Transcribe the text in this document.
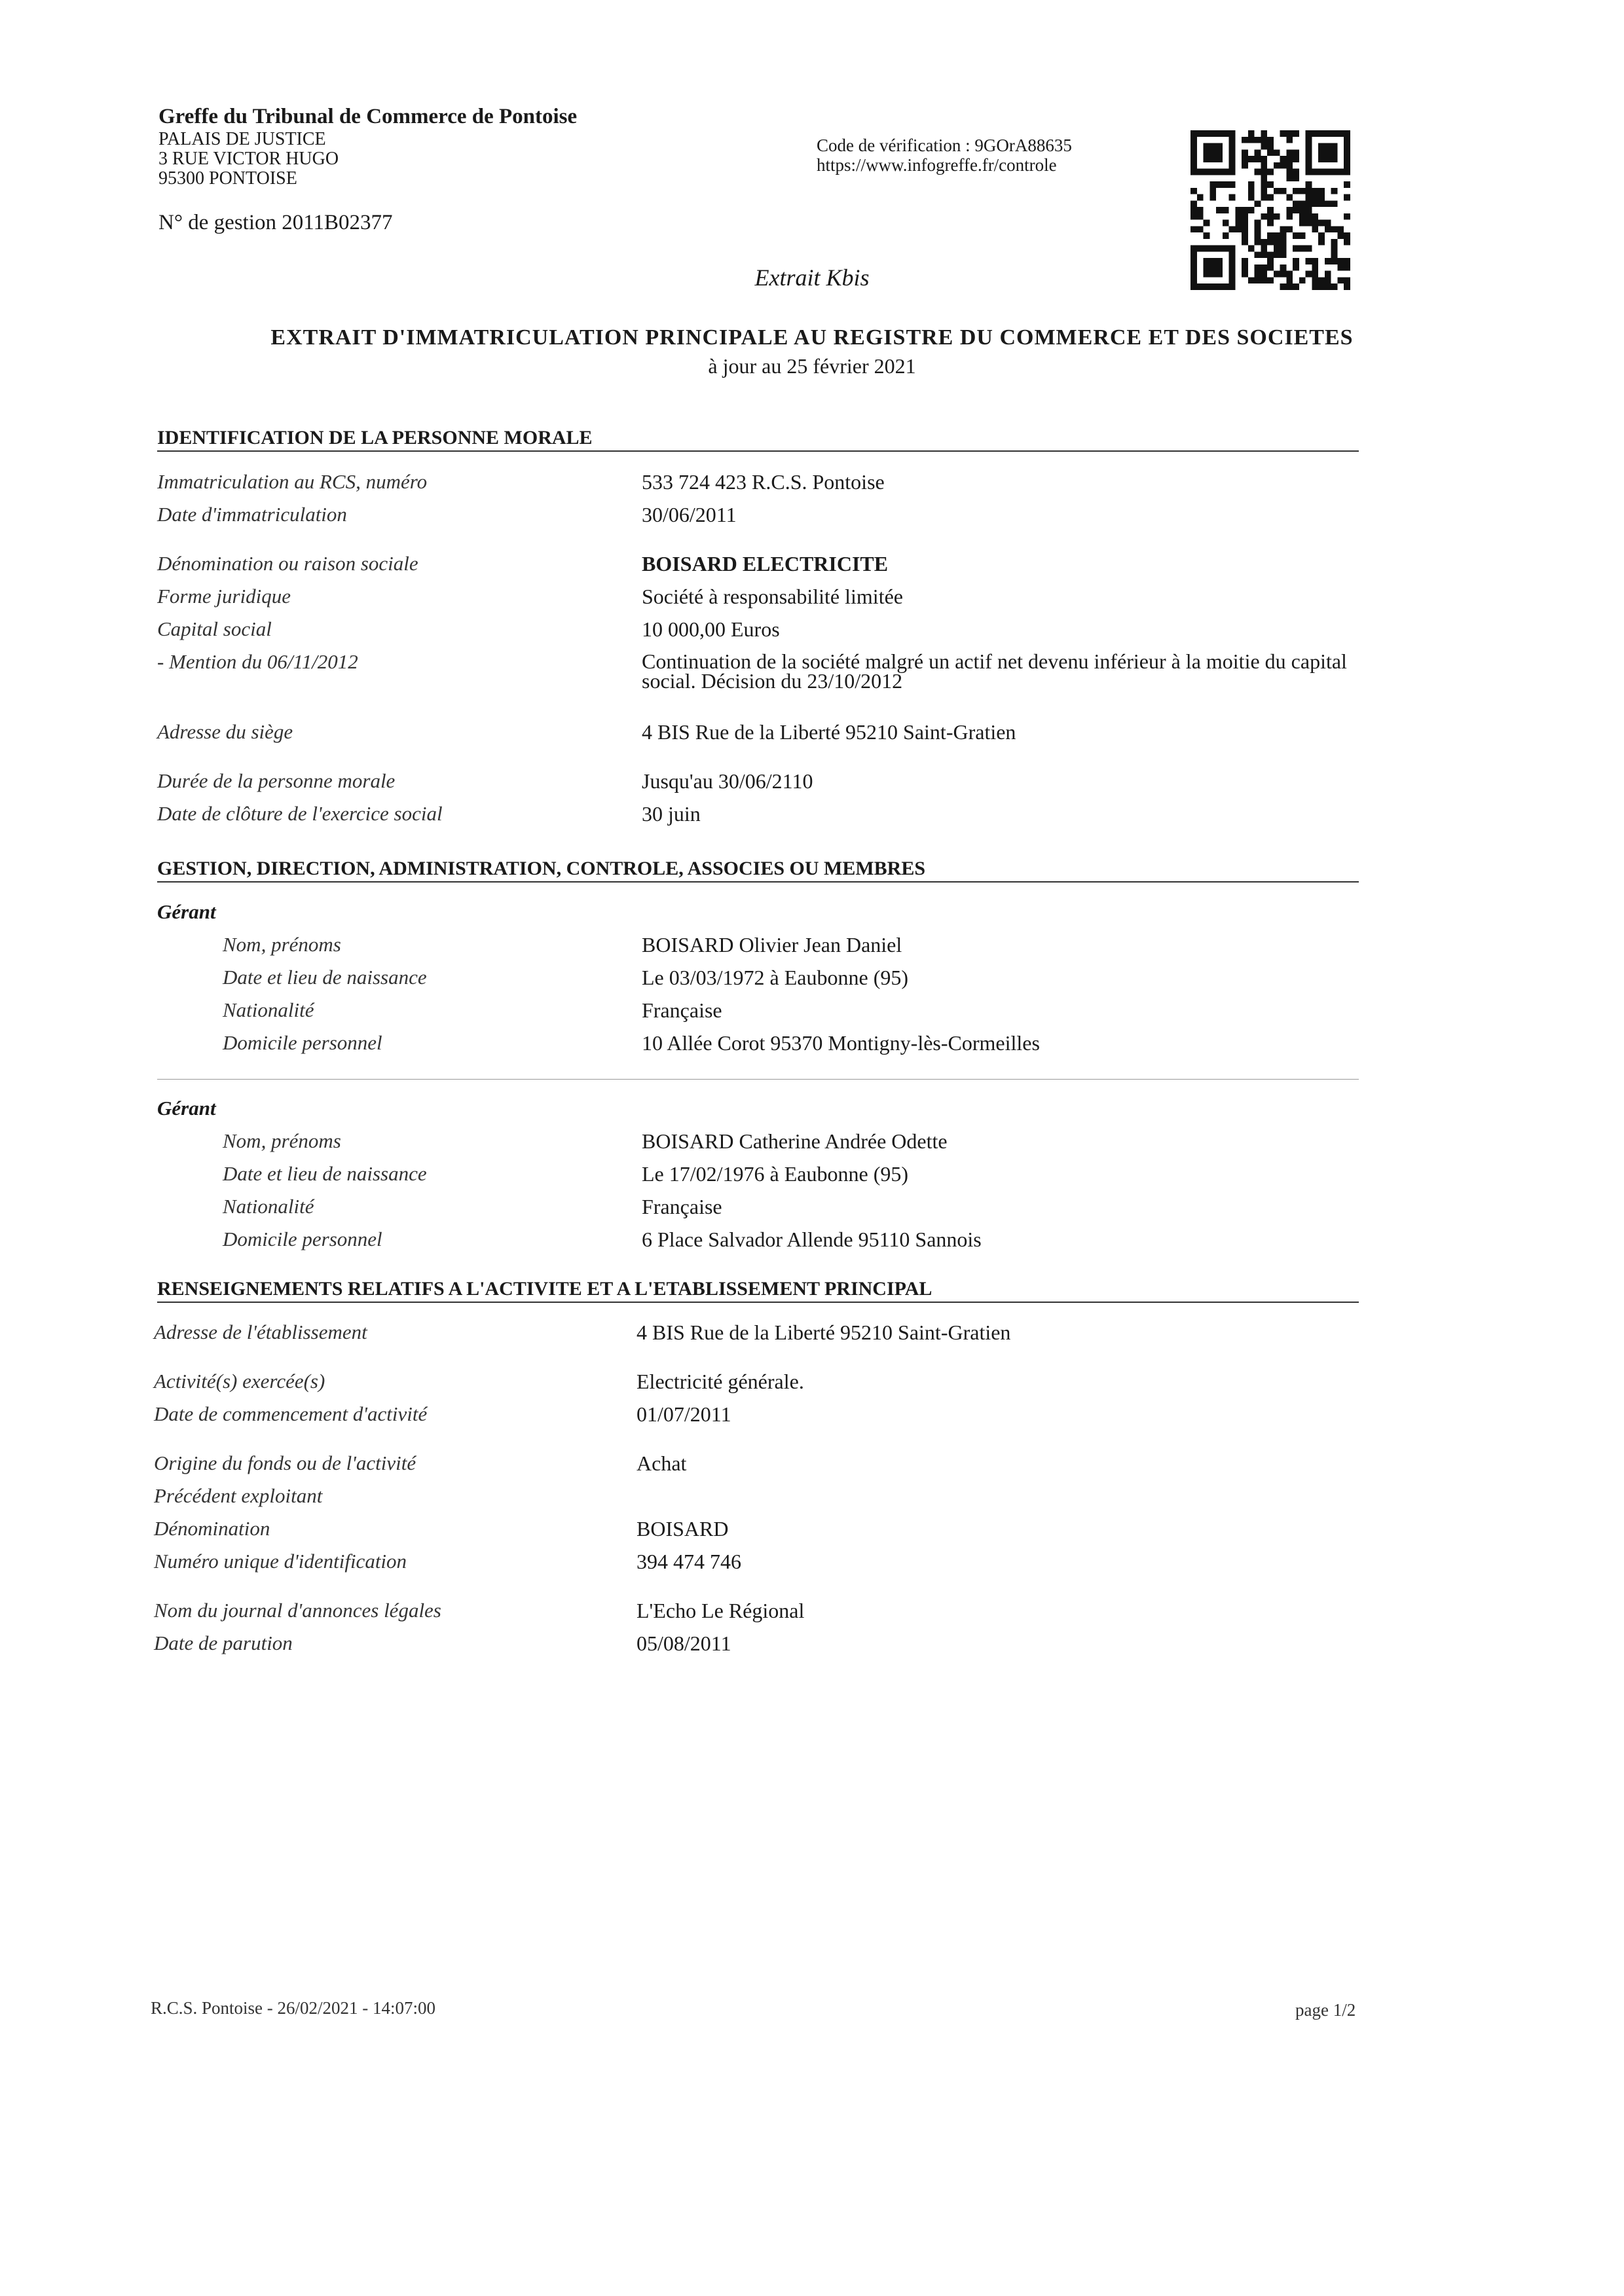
Greffe du Tribunal de Commerce de Pontoise
PALAIS DE JUSTICE
3 RUE VICTOR HUGO
95300 PONTOISE
N° de gestion 2011B02377
Code de vérification : 9GOrA88635
https://www.infogreffe.fr/controle
Extrait Kbis
EXTRAIT D'IMMATRICULATION PRINCIPALE AU REGISTRE DU COMMERCE ET DES SOCIETES
à jour au 25 février 2021
IDENTIFICATION DE LA PERSONNE MORALE
Immatriculation au RCS, numéro	533 724 423 R.C.S. Pontoise
Date d'immatriculation	30/06/2011
Dénomination ou raison sociale	BOISARD ELECTRICITE
Forme juridique	Société à responsabilité limitée
Capital social	10 000,00 Euros
- Mention du 06/11/2012	Continuation de la société malgré un actif net devenu inférieur à la moitie du capital social. Décision du 23/10/2012
Adresse du siège	4 BIS Rue de la Liberté 95210 Saint-Gratien
Durée de la personne morale	Jusqu'au 30/06/2110
Date de clôture de l'exercice social	30 juin
GESTION, DIRECTION, ADMINISTRATION, CONTROLE, ASSOCIES OU MEMBRES
Gérant
Nom, prénoms	BOISARD Olivier Jean Daniel
Date et lieu de naissance	Le 03/03/1972 à Eaubonne (95)
Nationalité	Française
Domicile personnel	10 Allée Corot 95370 Montigny-lès-Cormeilles
Gérant
Nom, prénoms	BOISARD Catherine Andrée Odette
Date et lieu de naissance	Le 17/02/1976 à Eaubonne (95)
Nationalité	Française
Domicile personnel	6 Place Salvador Allende 95110 Sannois
RENSEIGNEMENTS RELATIFS A L'ACTIVITE ET A L'ETABLISSEMENT PRINCIPAL
Adresse de l'établissement	4 BIS Rue de la Liberté 95210 Saint-Gratien
Activité(s) exercée(s)	Electricité générale.
Date de commencement d'activité	01/07/2011
Origine du fonds ou de l'activité	Achat
Précédent exploitant
Dénomination	BOISARD
Numéro unique d'identification	394 474 746
Nom du journal d'annonces légales	L'Echo Le Régional
Date de parution	05/08/2011
R.C.S. Pontoise - 26/02/2021 - 14:07:00	page 1/2
